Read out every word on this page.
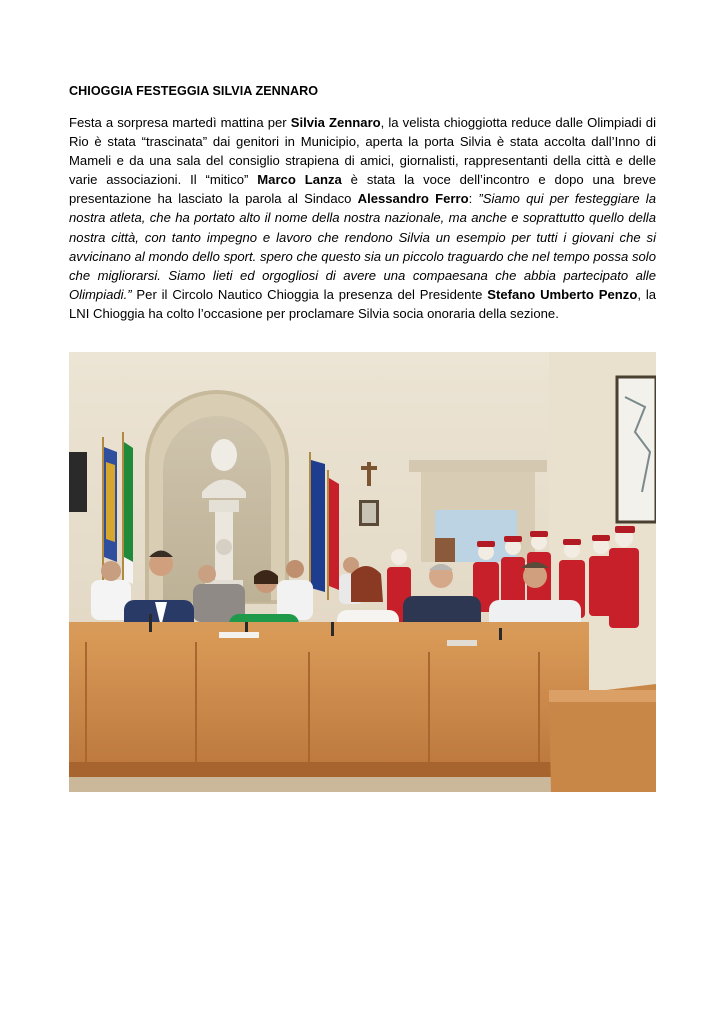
CHIOGGIA FESTEGGIA SILVIA ZENNARO

Festa a sorpresa martedì mattina per Silvia Zennaro, la velista chioggiotta reduce dalle Olimpiadi di Rio è stata “trascinata” dai genitori in Municipio, aperta la porta Silvia è stata accolta dall’Inno di Mameli e da una sala del consiglio strapiena di amici, giornalisti, rappresentanti della città e delle varie associazioni. Il “mitico” Marco Lanza è stata la voce dell’incontro e dopo una breve presentazione ha lasciato la parola al Sindaco Alessandro Ferro: ”Siamo qui per festeggiare la nostra atleta, che ha portato alto il nome della nostra nazionale, ma anche e soprattutto quello della nostra città, con tanto impegno e lavoro che rendono Silvia un esempio per tutti i giovani che si avvicinano al mondo dello sport. spero che questo sia un piccolo traguardo che nel tempo possa solo che migliorarsi. Siamo lieti ed orgogliosi di avere una compaesana che abbia partecipato alle Olimpiadi.” Per il Circolo Nautico Chioggia la presenza del Presidente Stefano Umberto Penzo, la LNI Chioggia ha colto l’occasione per proclamare Silvia socia onoraria della sezione.
